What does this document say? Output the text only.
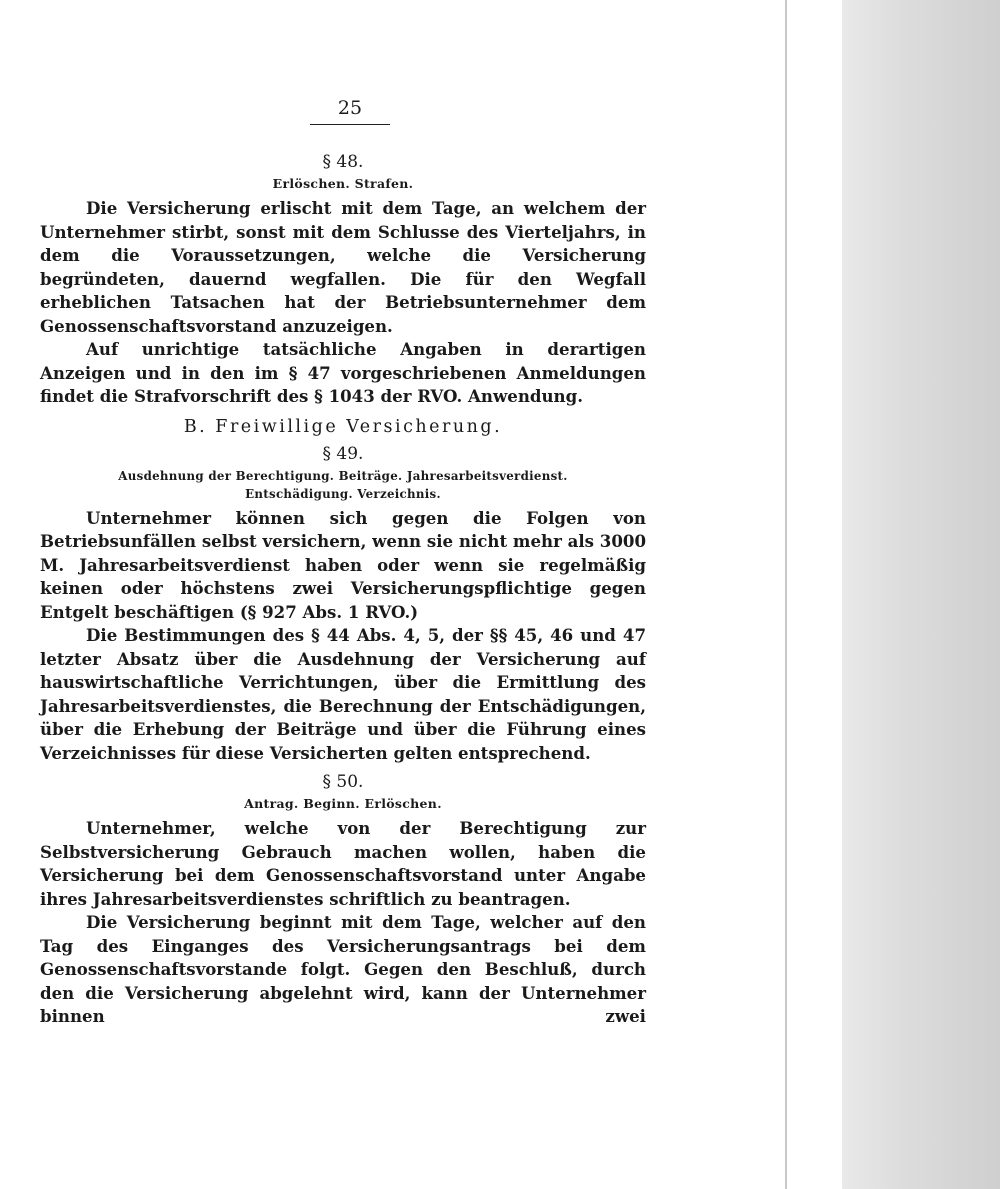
25

§ 48.

Erlöschen. Strafen.

Die Versicherung erlischt mit dem Tage, an welchem der Unternehmer stirbt, sonst mit dem Schlusse des Vierteljahrs, in dem die Voraussetzungen, welche die Versicherung begründeten, dauernd wegfallen. Die für den Wegfall erheblichen Tatsachen hat der Betriebsunternehmer dem Genossenschaftsvorstand anzuzeigen.

Auf unrichtige tatsächliche Angaben in derartigen Anzeigen und in den im § 47 vorgeschriebenen Anmeldungen findet die Strafvorschrift des § 1043 der RVO. Anwendung.

B. Freiwillige Versicherung.

§ 49.

Ausdehnung der Berechtigung. Beiträge. Jahresarbeitsverdienst.

Entschädigung. Verzeichnis.

Unternehmer können sich gegen die Folgen von Betriebsunfällen selbst versichern, wenn sie nicht mehr als 3000 M. Jahresarbeitsverdienst haben oder wenn sie regelmäßig keinen oder höchstens zwei Versicherungspflichtige gegen Entgelt beschäftigen (§ 927 Abs. 1 RVO.)

Die Bestimmungen des § 44 Abs. 4, 5, der §§ 45, 46 und 47 letzter Absatz über die Ausdehnung der Versicherung auf hauswirtschaftliche Verrichtungen, über die Ermittlung des Jahresarbeitsverdienstes, die Berechnung der Entschädigungen, über die Erhebung der Beiträge und über die Führung eines Verzeichnisses für diese Versicherten gelten entsprechend.

§ 50.

Antrag. Beginn. Erlöschen.

Unternehmer, welche von der Berechtigung zur Selbstversicherung Gebrauch machen wollen, haben die Versicherung bei dem Genossenschaftsvorstand unter Angabe ihres Jahresarbeitsverdienstes schriftlich zu beantragen.

Die Versicherung beginnt mit dem Tage, welcher auf den Tag des Einganges des Versicherungsantrags bei dem Genossenschaftsvorstande folgt. Gegen den Beschluß, durch den die Versicherung abgelehnt wird, kann der Unternehmer binnen zwei
